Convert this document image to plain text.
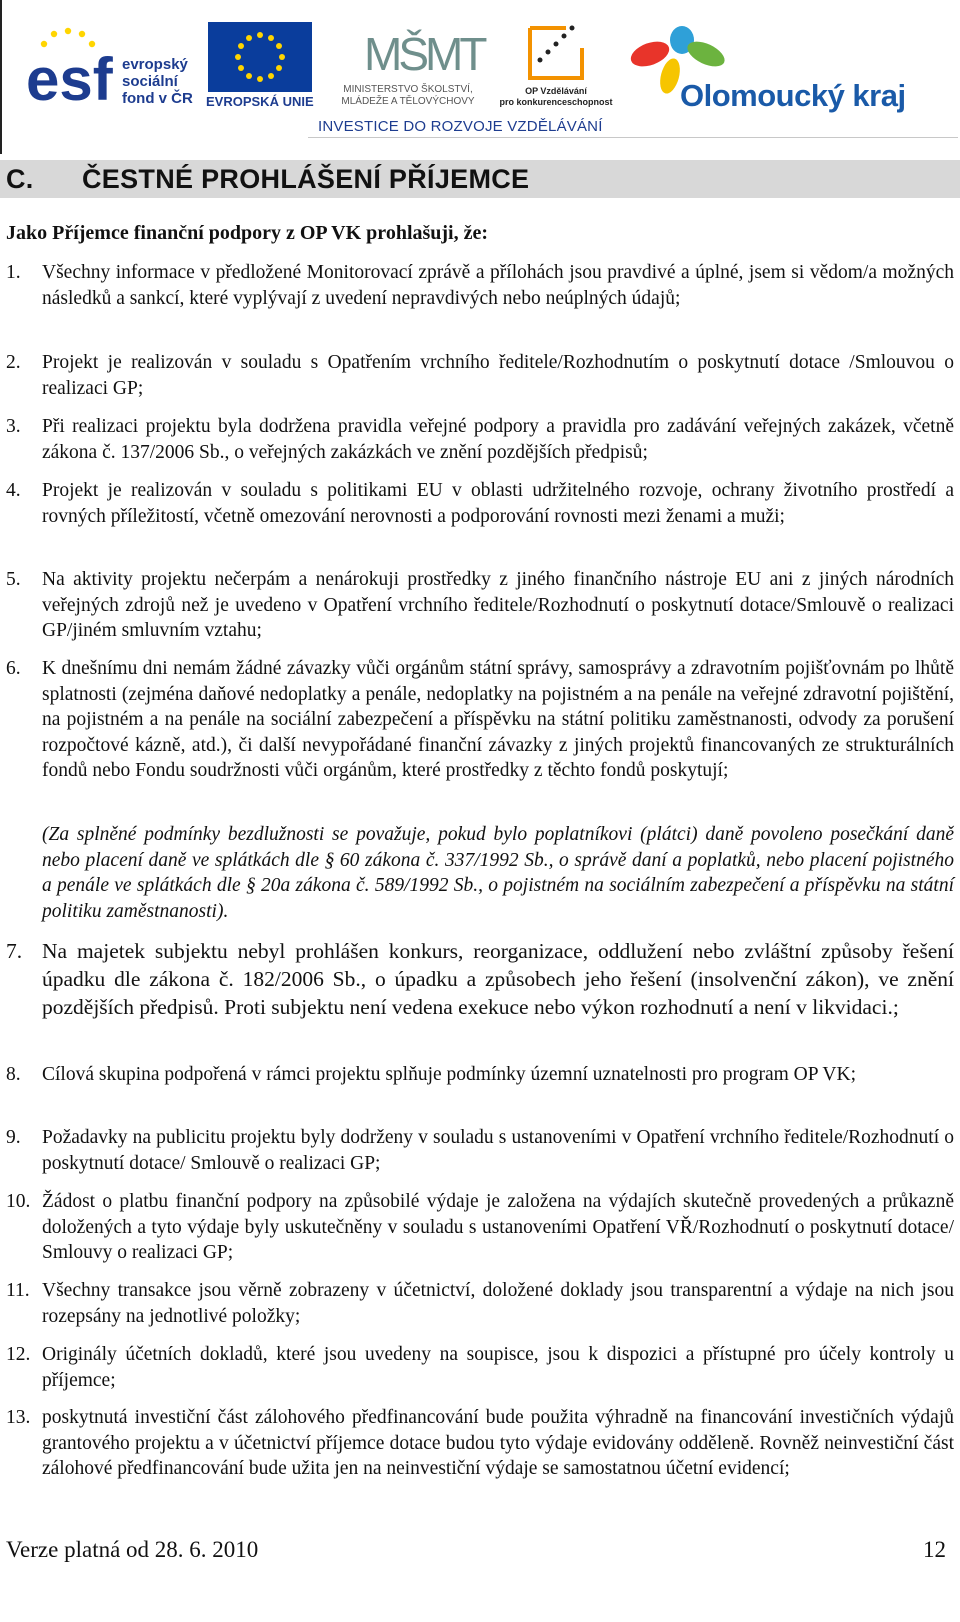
esf evropský
sociální
fond v ČR EVROPSKÁ UNIE
MŠMT
MINISTERSTVO ŠKOLSTVÍ,
MLÁDEŽE A TĚLOVÝCHOVY
OP Vzdělávání
pro konkurenceschopnost Olomoucký kraj
INVESTICE DO ROZVOJE VZDĚLÁVÁNÍ
C. ČESTNÉ PROHLÁŠENÍ PŘÍJEMCE
Jako Příjemce finanční podpory z OP VK prohlašuji, že:
1. Všechny informace v předložené Monitorovací zprávě a přílohách jsou pravdivé a úplné, jsem si vědom/a možných následků a sankcí, které vyplývají z uvedení nepravdivých nebo neúplných údajů;
2. Projekt je realizován v souladu s Opatřením vrchního ředitele/Rozhodnutím o poskytnutí dotace /Smlouvou o realizaci GP;
3. Při realizaci projektu byla dodržena pravidla veřejné podpory a pravidla pro zadávání veřejných zakázek, včetně zákona č. 137/2006 Sb., o veřejných zakázkách ve znění pozdějších předpisů;
4. Projekt je realizován v souladu s politikami EU v oblasti udržitelného rozvoje, ochrany životního prostředí a rovných příležitostí, včetně omezování nerovnosti a podporování rovnosti mezi ženami a muži;
5. Na aktivity projektu nečerpám a nenárokuji prostředky z jiného finančního nástroje EU ani z jiných národních veřejných zdrojů než je uvedeno v Opatření vrchního ředitele/Rozhodnutí o poskytnutí dotace/Smlouvě o realizaci GP/jiném smluvním vztahu;
6. K dnešnímu dni nemám žádné závazky vůči orgánům státní správy, samosprávy a zdravotním pojišťovnám po lhůtě splatnosti (zejména daňové nedoplatky a penále, nedoplatky na pojistném a na penále na veřejné zdravotní pojištění, na pojistném a na penále na sociální zabezpečení a příspěvku na státní politiku zaměstnanosti, odvody za porušení rozpočtové kázně, atd.), či další nevypořádané finanční závazky z jiných projektů financovaných ze strukturálních fondů nebo Fondu soudržnosti vůči orgánům, které prostředky z těchto fondů poskytují;
(Za splněné podmínky bezdlužnosti se považuje, pokud bylo poplatníkovi (plátci) daně povoleno posečkání daně nebo placení daně ve splátkách dle § 60 zákona č. 337/1992 Sb., o správě daní a poplatků, nebo placení pojistného a penále ve splátkách dle § 20a zákona č. 589/1992 Sb., o pojistném na sociálním zabezpečení a příspěvku na státní politiku zaměstnanosti).
7. Na majetek subjektu nebyl prohlášen konkurs, reorganizace, oddlužení nebo zvláštní způsoby řešení úpadku dle zákona č. 182/2006 Sb., o úpadku a způsobech jeho řešení (insolvenční zákon), ve znění pozdějších předpisů. Proti subjektu není vedena exekuce nebo výkon rozhodnutí a není v likvidaci.;
8. Cílová skupina podpořená v rámci projektu splňuje podmínky územní uznatelnosti pro program OP VK;
9. Požadavky na publicitu projektu byly dodrženy v souladu s ustanoveními v Opatření vrchního ředitele/Rozhodnutí o poskytnutí dotace/ Smlouvě o realizaci GP;
10. Žádost o platbu finanční podpory na způsobilé výdaje je založena na výdajích skutečně provedených a průkazně doložených a tyto výdaje byly uskutečněny v souladu s ustanoveními Opatření VŘ/Rozhodnutí o poskytnutí dotace/ Smlouvy o realizaci GP;
11. Všechny transakce jsou věrně zobrazeny v účetnictví, doložené doklady jsou transparentní a výdaje na nich jsou rozepsány na jednotlivé položky;
12. Originály účetních dokladů, které jsou uvedeny na soupisce, jsou k dispozici a přístupné pro účely kontroly u příjemce;
13. poskytnutá investiční část zálohového předfinancování bude použita výhradně na financování investičních výdajů grantového projektu a v účetnictví příjemce dotace budou tyto výdaje evidovány odděleně. Rovněž neinvestiční část zálohové předfinancování bude užita jen na neinvestiční výdaje se samostatnou účetní evidencí;
Verze platná od 28. 6. 2010	12
